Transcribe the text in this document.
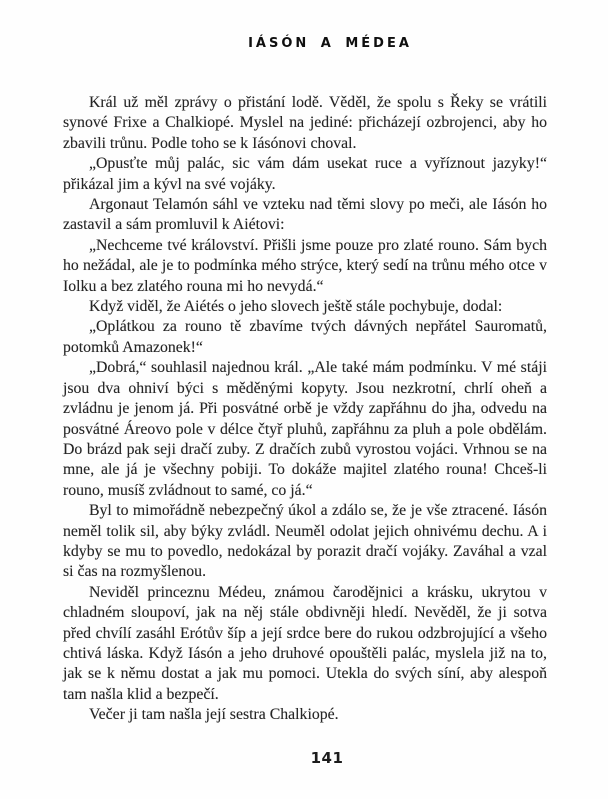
IÁSÓN A MÉDEA

Král už měl zprávy o přistání lodě. Věděl, že spolu s Řeky se vrátili synové Frixe a Chalkiopé. Myslel na jediné: přicházejí ozbrojenci, aby ho zbavili trůnu. Podle toho se k Iásónovi choval.

„Opusťte můj palác, sic vám dám usekat ruce a vyříznout jazyky!“ přikázal jim a kývl na své vojáky.

Argonaut Telamón sáhl ve vzteku nad těmi slovy po meči, ale Iásón ho zastavil a sám promluvil k Aiétovi:

„Nechceme tvé království. Přišli jsme pouze pro zlaté rouno. Sám bych ho nežádal, ale je to podmínka mého strýce, který sedí na trůnu mého otce v Iolku a bez zlatého rouna mi ho nevydá.“

Když viděl, že Aiétés o jeho slovech ještě stále pochybuje, dodal:

„Oplátkou za rouno tě zbavíme tvých dávných nepřátel Sauromatů, potomků Amazonek!“

„Dobrá,“ souhlasil najednou král. „Ale také mám podmínku. V mé stáji jsou dva ohniví býci s měděnými kopyty. Jsou nezkrotní, chrlí oheň a zvládnu je jenom já. Při posvátné orbě je vždy zapřáhnu do jha, odvedu na posvátné Áreovo pole v délce čtyř pluhů, zapřáhnu za pluh a pole obdělám. Do brázd pak seji dračí zuby. Z dračích zubů vyrostou vojáci. Vrhnou se na mne, ale já je všechny pobiji. To dokáže majitel zlatého rouna! Chceš-li rouno, musíš zvládnout to samé, co já.“

Byl to mimořádně nebezpečný úkol a zdálo se, že je vše ztracené. Iásón neměl tolik sil, aby býky zvládl. Neuměl odolat jejich ohnivému dechu. A i kdyby se mu to povedlo, nedokázal by porazit dračí vojáky. Zaváhal a vzal si čas na rozmyšlenou.

Neviděl princeznu Médeu, známou čarodějnici a krásku, ukrytou v chladném sloupoví, jak na něj stále obdivněji hledí. Nevěděl, že ji sotva před chvílí zasáhl Erótův šíp a její srdce bere do rukou odzbrojující a všeho chtivá láska. Když Iásón a jeho druhové opouštěli palác, myslela již na to, jak se k němu dostat a jak mu pomoci. Utekla do svých síní, aby alespoň tam našla klid a bezpečí.

Večer ji tam našla její sestra Chalkiopé.

141
